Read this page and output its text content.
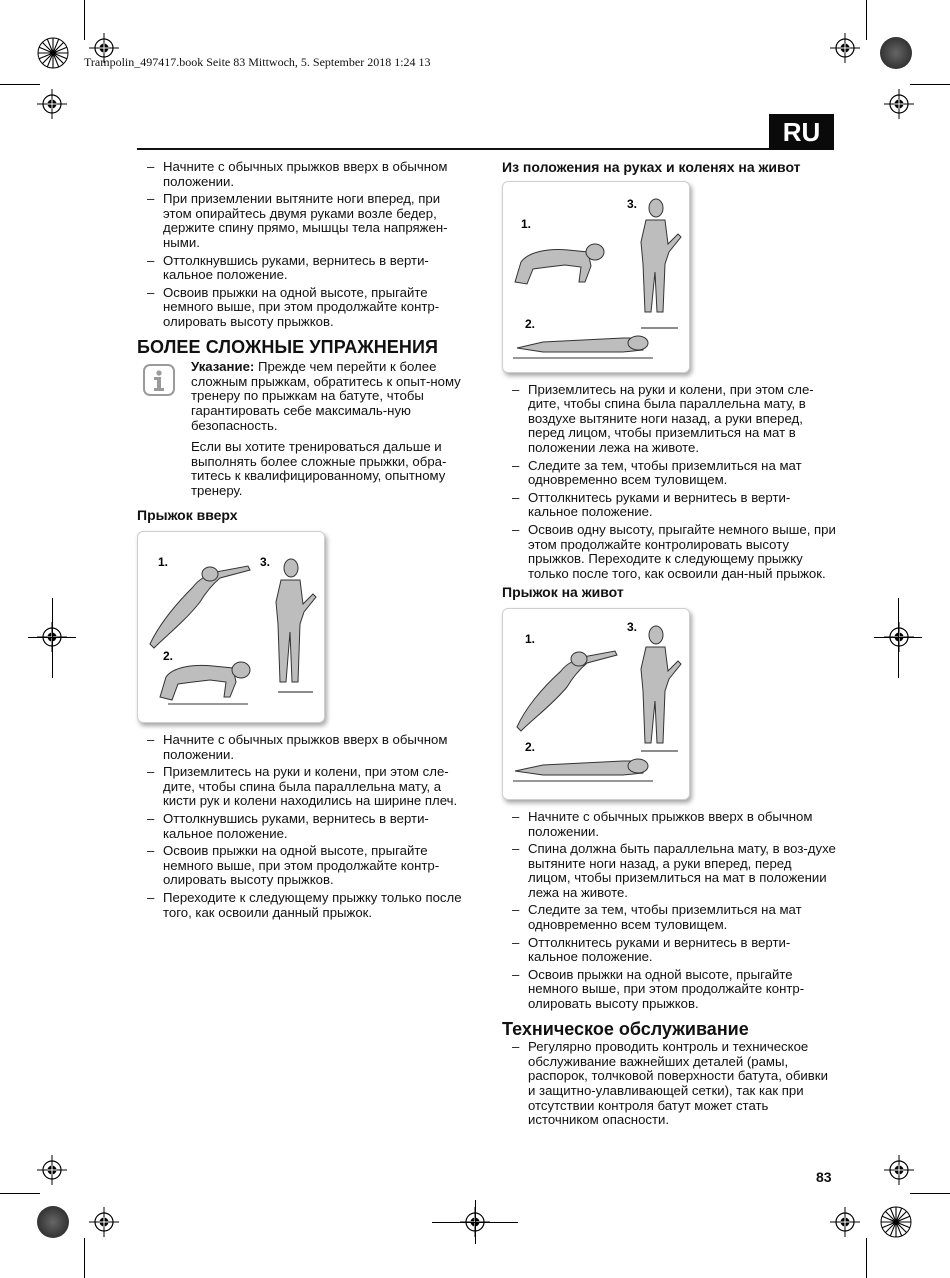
Trampolin_497417.book Seite 83 Mittwoch, 5. September 2018 1:24 13
RU
– Начните с обычных прыжков вверх в обычном положении.
– При приземлении вытяните ноги вперед, при этом опирайтесь двумя руками возле бедер, держите спину прямо, мышцы тела напряжен-ными.
– Оттолкнувшись руками, вернитесь в верти-кальное положение.
– Освоив прыжки на одной высоте, прыгайте немного выше, при этом продолжайте контр-олировать высоту прыжков.
БОЛЕЕ СЛОЖНЫЕ УПРАЖНЕНИЯ

Указание: Прежде чем перейти к более сложным прыжкам, обратитесь к опыт-ному тренеру по прыжкам на батуте, чтобы гарантировать себе максималь-ную безопасность.

Если вы хотите тренироваться дальше и выполнять более сложные прыжки, обра-титесь к квалифицированному, опытному тренеру.

Прыжок вверх
1.
2.
3.
– Начните с обычных прыжков вверх в обычном положении.
– Приземлитесь на руки и колени, при этом сле-дите, чтобы спина была параллельна мату, а кисти рук и колени находились на ширине плеч.
– Оттолкнувшись руками, вернитесь в верти-кальное положение.
– Освоив прыжки на одной высоте, прыгайте немного выше, при этом продолжайте контр-олировать высоту прыжков.
– Переходите к следующему прыжку только после того, как освоили данный прыжок.
Из положения на руках и коленях на живот
1.
2.
3.
– Приземлитесь на руки и колени, при этом сле-дите, чтобы спина была параллельна мату, в воздухе вытяните ноги назад, а руки вперед, перед лицом, чтобы приземлиться на мат в положении лежа на животе.
– Следите за тем, чтобы приземлиться на мат одновременно всем туловищем.
– Оттолкнитесь руками и вернитесь в верти-кальное положение.
– Освоив одну высоту, прыгайте немного выше, при этом продолжайте контролировать высоту прыжков. Переходите к следующему прыжку только после того, как освоили дан-ный прыжок.
Прыжок на живот
1.
2.
3.
– Начните с обычных прыжков вверх в обычном положении.
– Спина должна быть параллельна мату, в воз-духе вытяните ноги назад, а руки вперед, перед лицом, чтобы приземлиться на мат в положении лежа на животе.
– Следите за тем, чтобы приземлиться на мат одновременно всем туловищем.
– Оттолкнитесь руками и вернитесь в верти-кальное положение.
– Освоив прыжки на одной высоте, прыгайте немного выше, при этом продолжайте контр-олировать высоту прыжков.
Техническое обслуживание
– Регулярно проводить контроль и техническое обслуживание важнейших деталей (рамы, распорок, толчковой поверхности батута, обивки и защитно-улавливающей сетки), так как при отсутствии контроля батут может стать источником опасности.
83
